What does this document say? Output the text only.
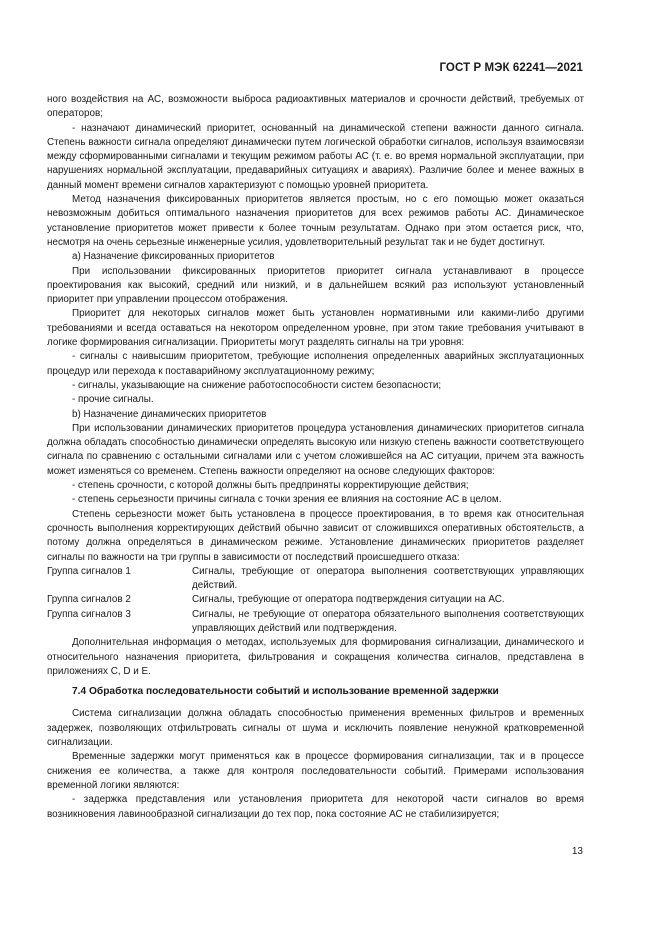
ГОСТ Р МЭК 62241—2021

ного воздействия на АС, возможности выброса радиоактивных материалов и срочности действий, требуемых от операторов;

- назначают динамический приоритет, основанный на динамической степени важности данного сигнала. Степень важности сигнала определяют динамически путем логической обработки сигналов, используя взаимосвязи между сформированными сигналами и текущим режимом работы АС (т. е. во время нормальной эксплуатации, при нарушениях нормальной эксплуатации, предаварийных ситуациях и авариях). Различие более и менее важных в данный момент времени сигналов характеризуют с помощью уровней приоритета.

Метод назначения фиксированных приоритетов является простым, но с его помощью может оказаться невозможным добиться оптимального назначения приоритетов для всех режимов работы АС. Динамическое установление приоритетов может привести к более точным результатам. Однако при этом остается риск, что, несмотря на очень серьезные инженерные усилия, удовлетворительный результат так и не будет достигнут.

a) Назначение фиксированных приоритетов

При использовании фиксированных приоритетов приоритет сигнала устанавливают в процессе проектирования как высокий, средний или низкий, и в дальнейшем всякий раз используют установленный приоритет при управлении процессом отображения.

Приоритет для некоторых сигналов может быть установлен нормативными или какими-либо другими требованиями и всегда оставаться на некотором определенном уровне, при этом такие требования учитывают в логике формирования сигнализации. Приоритеты могут разделять сигналы на три уровня:

- сигналы с наивысшим приоритетом, требующие исполнения определенных аварийных эксплуатационных процедур или перехода к поставарийному эксплуатационному режиму;

- сигналы, указывающие на снижение работоспособности систем безопасности;

- прочие сигналы.

b) Назначение динамических приоритетов

При использовании динамических приоритетов процедура установления динамических приоритетов сигнала должна обладать способностью динамически определять высокую или низкую степень важности соответствующего сигнала по сравнению с остальными сигналами или с учетом сложившейся на АС ситуации, причем эта важность может изменяться со временем. Степень важности определяют на основе следующих факторов:

- степень срочности, с которой должны быть предприняты корректирующие действия;

- степень серьезности причины сигнала с точки зрения ее влияния на состояние АС в целом.

Степень серьезности может быть установлена в процессе проектирования, в то время как относительная срочность выполнения корректирующих действий обычно зависит от сложившихся оперативных обстоятельств, а потому должна определяться в динамическом режиме. Установление динамических приоритетов разделяет сигналы по важности на три группы в зависимости от последствий происшедшего отказа:

Группа сигналов 1	Сигналы, требующие от оператора выполнения соответствующих управляющих действий.
Группа сигналов 2	Сигналы, требующие от оператора подтверждения ситуации на АС.
Группа сигналов 3	Сигналы, не требующие от оператора обязательного выполнения соответствующих управляющих действий или подтверждения.

Дополнительная информация о методах, используемых для формирования сигнализации, динамического и относительного назначения приоритета, фильтрования и сокращения количества сигналов, представлена в приложениях C, D и E.

7.4 Обработка последовательности событий и использование временной задержки

Система сигнализации должна обладать способностью применения временных фильтров и временных задержек, позволяющих отфильтровать сигналы от шума и исключить появление ненужной кратковременной сигнализации.

Временные задержки могут применяться как в процессе формирования сигнализации, так и в процессе снижения ее количества, а также для контроля последовательности событий. Примерами использования временной логики являются:

- задержка представления или установления приоритета для некоторой части сигналов во время возникновения лавинообразной сигнализации до тех пор, пока состояние АС не стабилизируется;

13
